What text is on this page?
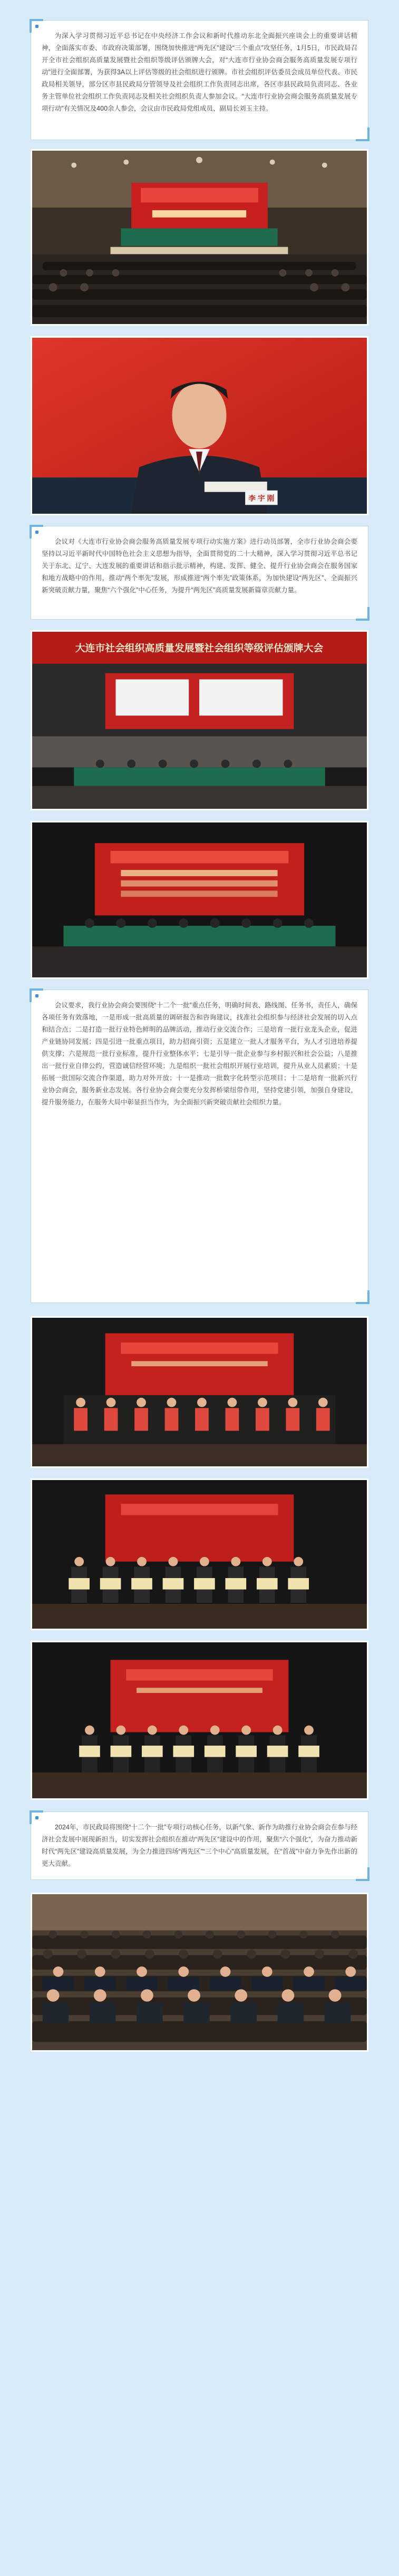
为深入学习贯彻习近平总书记在中央经济工作会议和新时代推动东北全面振兴座谈会上的重要讲话精神，全面落实市委、市政府决策部署，围绕加快推进“两先区”建设“三个重点”攻坚任务，1月5日，市民政局召开全市社会组织高质量发展暨社会组织等级评估颁牌大会，对“大连市行业协会商会服务高质量发展专项行动”进行全面部署，为获得3A以上评估等级的社会组织进行颁牌。市社会组织评估委员会成员单位代表、市民政局相关领导，部分区市县民政局分管领导及社会组织工作负责同志出席，各区市县民政局负责同志、各业务主管单位社会组织工作负责同志及相关社会组织负责人参加会议。“大连市行业协会商会服务高质量发展专项行动”有关情况及400余人参会，会议由市民政局党组成员、副局长刘玉主持。

李 宇 刚

会议对《大连市行业协会商会服务高质量发展专项行动实施方案》进行动员部署，全市行业协会商会要坚持以习近平新时代中国特色社会主义思想为指导，全面贯彻党的二十大精神，深入学习贯彻习近平总书记关于东北、辽宁、大连发展的重要讲话和指示批示精神，构建、发挥、健全、提升行业协会商会在服务国家和地方战略中的作用，推动“两个率先”发展，形成推进“两个率先”政策体系，为加快建设“两先区”、全面振兴新突破贡献力量，聚焦“六个强化”中心任务，为提升“两先区”高质量发展新篇章贡献力量。

大连市社会组织高质量发展暨社会组织等级评估颁牌大会

会议要求，我行业协会商会要围绕“十二个一批”重点任务，明确时间表、路线图、任务书，责任人，确保各项任务有效落地，一是形成一批高质量的调研报告和咨询建议，找准社会组织参与经济社会发展的切入点和结合点；二是打造一批行业特色鲜明的品牌活动，推动行业交流合作；三是培育一批行业龙头企业，促进产业链协同发展；四是引进一批重点项目，助力招商引资；五是建立一批人才服务平台，为人才引进培养提供支撑；六是规范一批行业标准，提升行业整体水平；七是引导一批企业参与乡村振兴和社会公益；八是推出一批行业自律公约，营造诚信经营环境；九是组织一批社会组织开展行业培训，提升从业人员素质；十是拓展一批国际交流合作渠道，助力对外开放；十一是推动一批数字化转型示范项目；十二是培育一批新兴行业协会商会，服务新业态发展。各行业协会商会要充分发挥桥梁纽带作用，坚持党建引领，加强自身建设，提升服务能力，在服务大局中彰显担当作为，为全面振兴新突破贡献社会组织力量。

2024年，市民政局将围绕“十二个一批”专项行动核心任务，以新气象、新作为助推行业协会商会在参与经济社会发展中展现新担当，切实发挥社会组织在推动“两先区”建设中的作用，聚焦“六个强化”，为奋力推动新时代“两先区”建设高质量发展，为全力推进四场“两先区”“三个中心”高质量发展，在“首战”中奋力争先作出新的更大贡献。
